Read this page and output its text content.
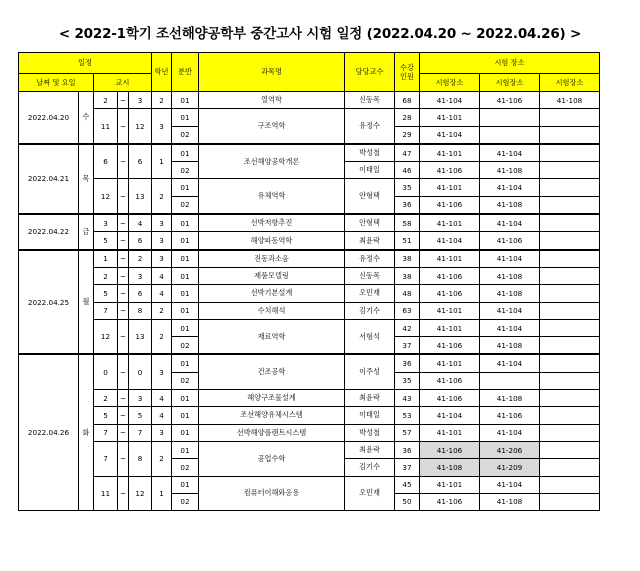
< 2022-1학기 조선해양공학부 중간고사 시험 일정 (2022.04.20 ~ 2022.04.26) >
일정					학년	분반	과목명	담당교수	수강
인원	시험 장소		
날짜 및 요일		교시								시험장소	시험장소	시험장소
2022.04.20	수	2	~	3	2	01	열역학	신동목	68	41-104	41-106	41-108
		11	~	12	3	01	구조역학	유정수	28	41-101		
						02			29	41-104		
2022.04.21	목	6	~	6	1	01	조선해양공학개론	박성철	47	41-101	41-104	
						02		이태일	46	41-106	41-108	
		12	~	13	2	01	유체역학	안형택	35	41-101	41-104	
						02			36	41-106	41-108	
2022.04.22	금	3	~	4	3	01	선박저항추진	안형택	58	41-101	41-104	
		5	~	6	3	01	해양파동역학	최윤락	51	41-104	41-106	
2022.04.25	월	1	~	2	3	01	진동과소음	유정수	38	41-101	41-104	
		2	~	3	4	01	제품모델링	신동목	38	41-106	41-108	
		5	~	6	4	01	선박기본설계	오민재	48	41-106	41-108	
		7	~	8	2	01	수치해석	김기수	63	41-101	41-104	
		12	~	13	2	01	재료역학	서형석	42	41-101	41-104	
						02			37	41-106	41-108	
2022.04.26	화	0	~	0	3	01	건조공학	이주성	36	41-101	41-104	
						02			35	41-106		
		2	~	3	4	01	해양구조물설계	최윤락	43	41-106	41-108	
		5	~	5	4	01	조선해양유체시스템	이태일	53	41-104	41-106	
		7	~	7	3	01	선박해양플랜트시스템	박성철	57	41-101	41-104	
		7	~	8	2	01	공업수학	최윤락	36	41-106	41-206	
						02		김기수	37	41-108	41-209	
		11	~	12	1	01	컴퓨터이해와응용	오민재	45	41-101	41-104	
						02			50	41-106	41-108	
